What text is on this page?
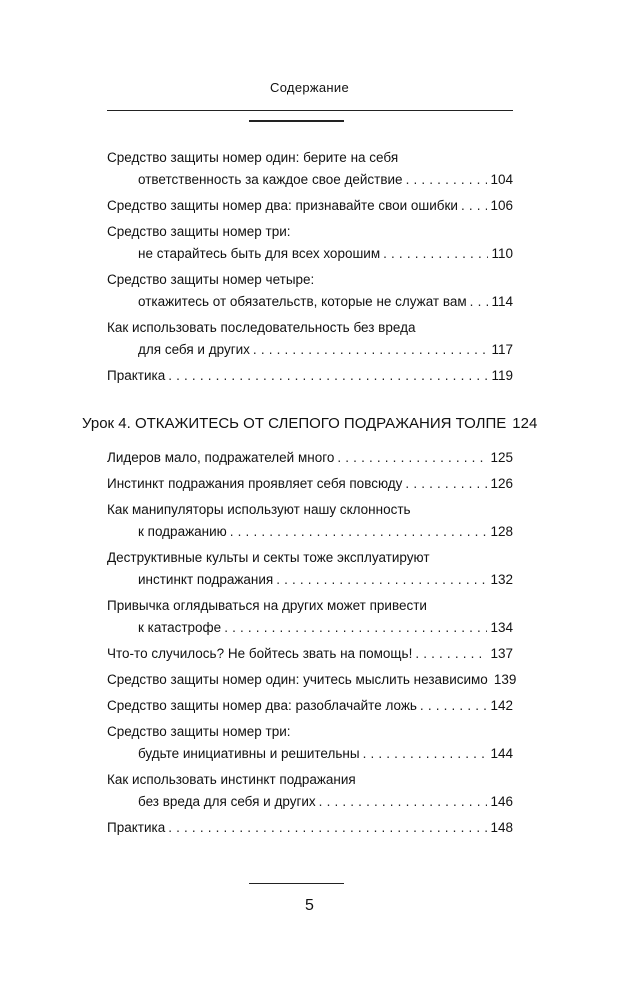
Содержание
Средство защиты номер один: берите на себя
ответственность за каждое свое действие . . .	104
Средство защиты номер два: признавайте свои ошибки . . . 106
Средство защиты номер три:
не старайтесь быть для всех хорошим . . .	110
Средство защиты номер четыре:
откажитесь от обязательств, которые не служат вам . . . 114
Как использовать последовательность без вреда
для себя и других . . .	117
Практика . . .	119
Урок 4. ОТКАЖИТЕСЬ ОТ СЛЕПОГО ПОДРАЖАНИЯ ТОЛПЕ 124
Лидеров мало, подражателей много . . .	125
Инстинкт подражания проявляет себя повсюду . . .	126
Как манипуляторы используют нашу склонность
к подражанию . . .	128
Деструктивные культы и секты тоже эксплуатируют
инстинкт подражания . . .	132
Привычка оглядываться на других может привести
к катастрофе . . .	134
Что-то случилось? Не бойтесь звать на помощь! . . .	137
Средство защиты номер один: учитесь мыслить независимо 139
Средство защиты номер два: разоблачайте ложь . . .	142
Средство защиты номер три:
будьте инициативны и решительны . . .	144
Как использовать инстинкт подражания
без вреда для себя и других . . .	146
Практика . . .	148
5
